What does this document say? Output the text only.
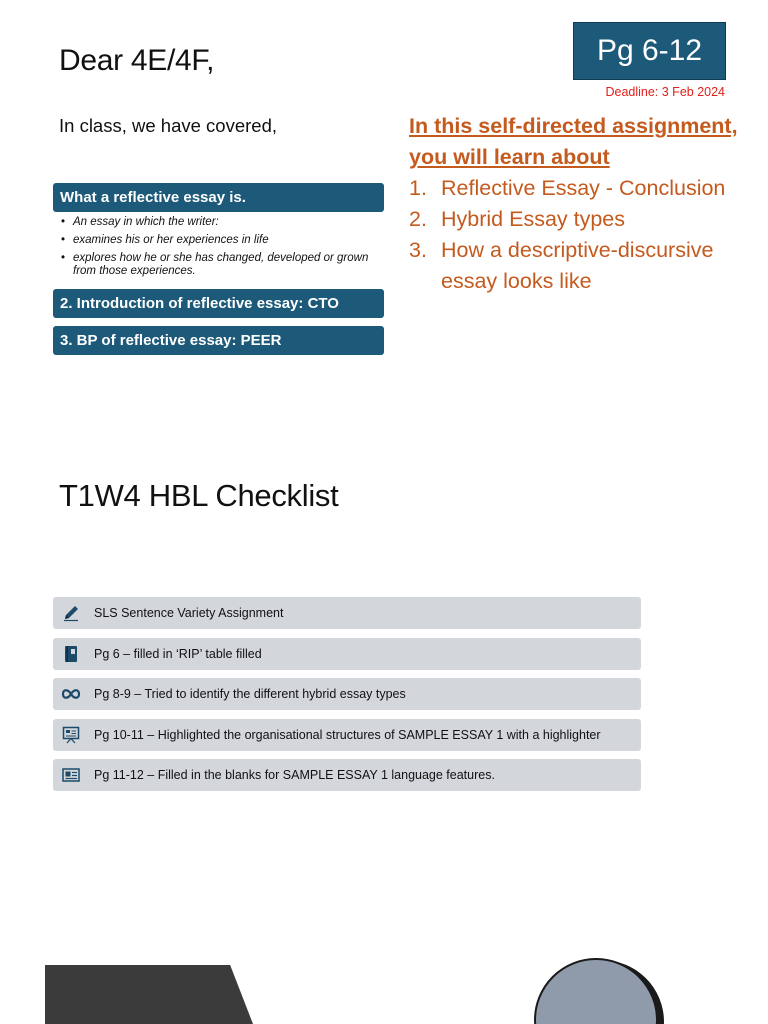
Dear 4E/4F,	Pg 6-12
Deadline: 3 Feb 2024
In class, we have covered,
What a reflective essay is.
• An essay in which the writer:
• examines his or her experiences in life
• explores how he or she has changed, developed or grown from those experiences.
2. Introduction of reflective essay: CTO
3. BP of reflective essay: PEER
In this self-directed assignment, you will learn about
1. Reflective Essay - Conclusion
2. Hybrid Essay types
3. How a descriptive-discursive essay looks like
T1W4 HBL Checklist
SLS Sentence Variety Assignment
Pg 6 – filled in ‘RIP’ table filled
Pg 8-9 – Tried to identify the different hybrid essay types
Pg 10-11 – Highlighted the organisational structures of SAMPLE ESSAY 1 with a highlighter
Pg 11-12 – Filled in the blanks for SAMPLE ESSAY 1 language features.
